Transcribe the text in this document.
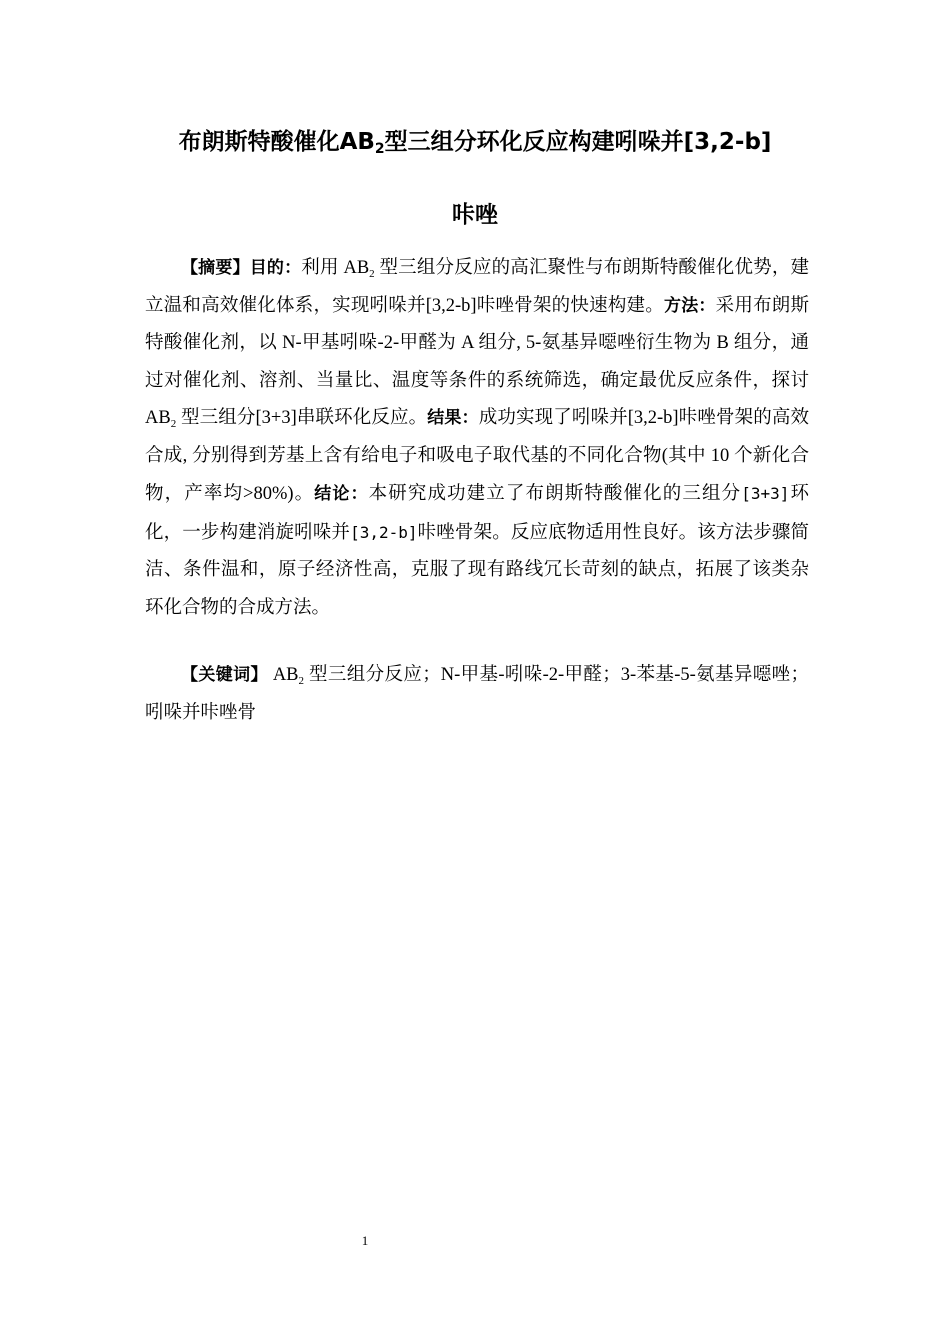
布朗斯特酸催化$AB_2$型三组分环化反应构建吲哚并[3,2-b]
咔唑
【摘要】目的：利用 $AB_2$ 型三组分反应的高汇聚性与布朗斯特酸催化优势，建立温和高效催化体系，实现吲哚并[3,2-b]咔唑骨架的快速构建。方法：采用布朗斯特酸催化剂，以 N-甲基吲哚-2-甲醛为 A 组分, 5-氨基异噁唑衍生物为 B 组分，通过对催化剂、溶剂、当量比、温度等条件的系统筛选，确定最优反应条件，探讨 $AB_2$ 型三组分[3+3]串联环化反应。结果：成功实现了吲哚并[3,2-b]咔唑骨架的高效合成, 分别得到芳基上含有给电子和吸电子取代基的不同化合物(其中 10 个新化合物，产率均>80%)。结论：本研究成功建立了布朗斯特酸催化的三组分[3+3]环化，一步构建消旋吲哚并[3,2-b]咔唑骨架。反应底物适用性良好。该方法步骤简洁、条件温和，原子经济性高，克服了现有路线冗长苛刻的缺点，拓展了该类杂环化合物的合成方法。
【关键词】 $AB_2$ 型三组分反应；N-甲基-吲哚-2-甲醛；3-苯基-5-氨基异噁唑；吲哚并咔唑骨
1
